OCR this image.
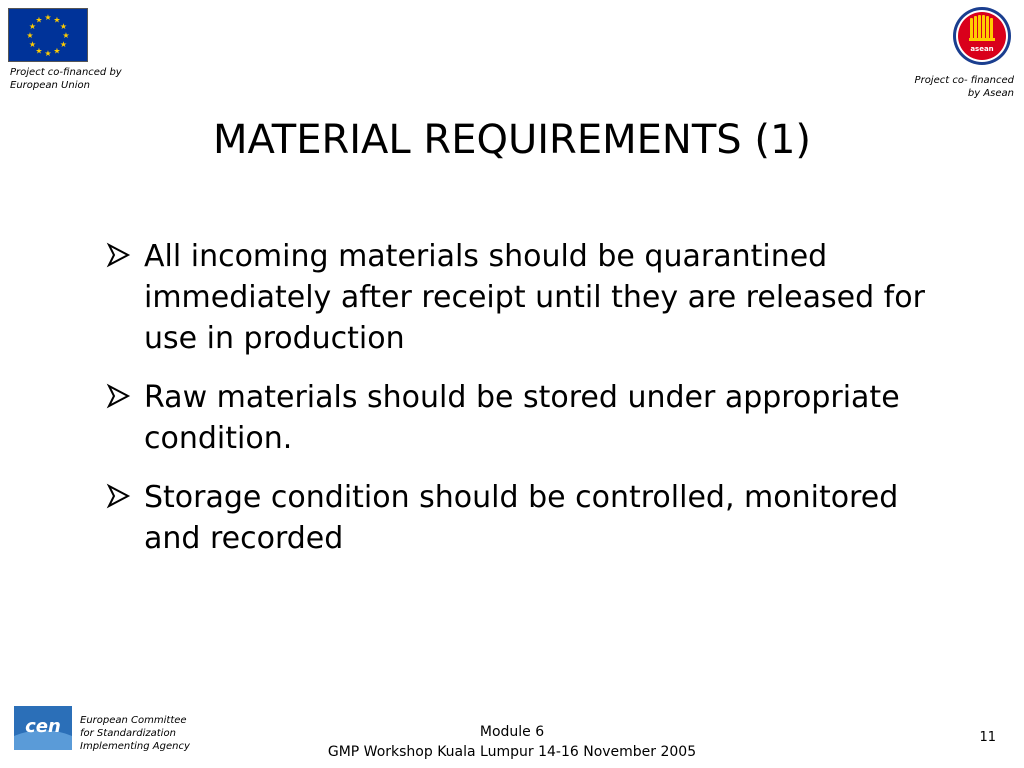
★ ★
★
★
★
★
★
★
★
★
★
★
Project co-financed by
European Union
asean
Project co- financed
by Asean
MATERIAL REQUIREMENTS (1)
All incoming materials should be quarantined immediately after receipt until they are released for use in production
Raw materials should be stored under appropriate condition.
Storage condition should be controlled, monitored and recorded
cen European Committee
for Standardization
Implementing Agency
Module 6
GMP Workshop Kuala Lumpur 14-16 November 2005
11
